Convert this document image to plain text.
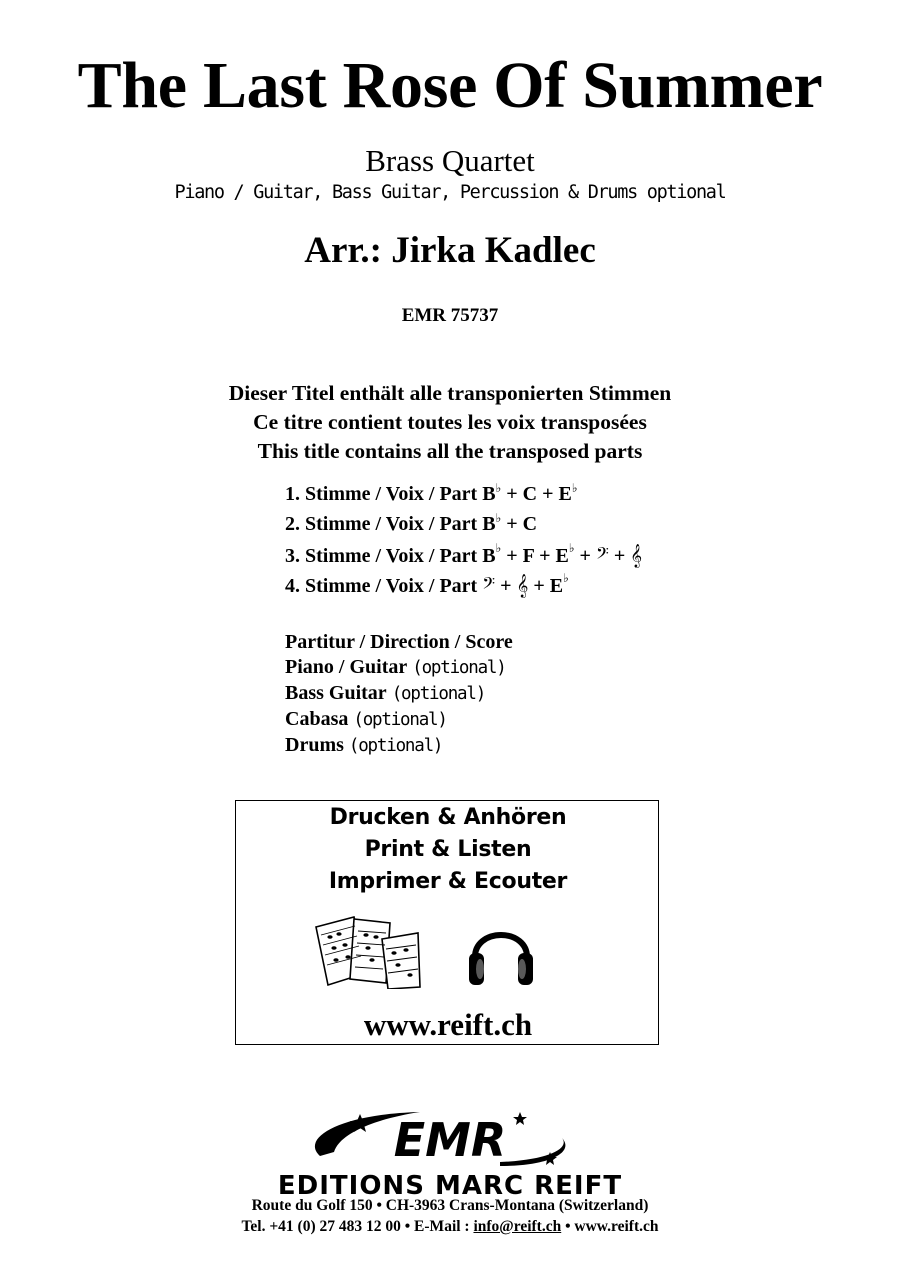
The Last Rose Of Summer
Brass Quartet
Piano / Guitar, Bass Guitar, Percussion & Drums optional
Arr.: Jirka Kadlec
EMR 75737
Dieser Titel enthält alle transponierten Stimmen
Ce titre contient toutes les voix transposées
This title contains all the transposed parts
1. Stimme / Voix / Part B♭ + C + E♭
2. Stimme / Voix / Part B♭ + C
3. Stimme / Voix / Part B♭ + F + E♭ + 𝄢 + 𝄞
4. Stimme / Voix / Part 𝄢 + 𝄞 + E♭
Partitur / Direction / Score
Piano / Guitar (optional)
Bass Guitar (optional)
Cabasa (optional)
Drums (optional)
Drucken & Anhören
Print & Listen
Imprimer & Ecouter
www.reift.ch
EMR
EDITIONS MARC REIFT
Route du Golf 150 • CH-3963 Crans-Montana (Switzerland)
Tel. +41 (0) 27 483 12 00 • E-Mail : info@reift.ch • www.reift.ch
